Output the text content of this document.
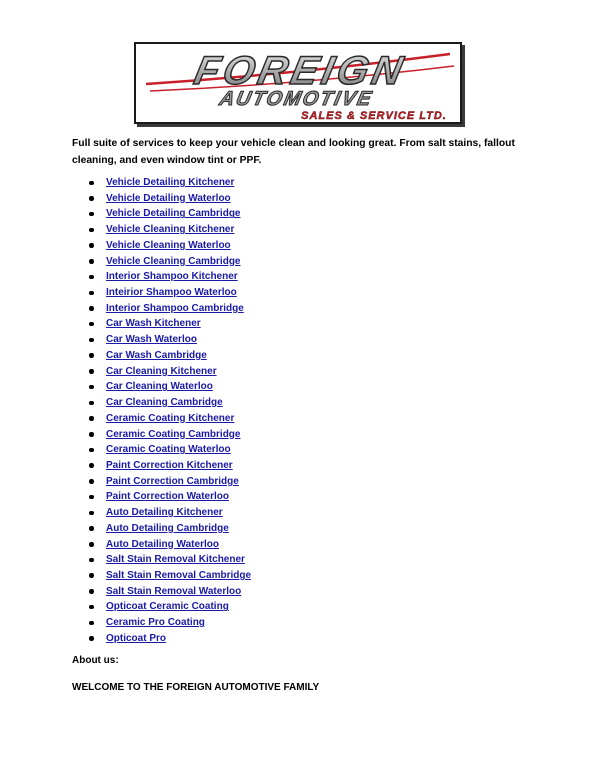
FOREIGN
AUTOMOTIVE
SALES & SERVICE LTD.

Full suite of services to keep your vehicle clean and looking great. From salt stains, fallout cleaning, and even window tint or PPF.

Vehicle Detailing Kitchener
Vehicle Detailing Waterloo
Vehicle Detailing Cambridge
Vehicle Cleaning Kitchener
Vehicle Cleaning Waterloo
Vehicle Cleaning Cambridge
Interior Shampoo Kitchener
Inteirior Shampoo Waterloo
Interior Shampoo Cambridge
Car Wash Kitchener
Car Wash Waterloo
Car Wash Cambridge
Car Cleaning Kitchener
Car Cleaning Waterloo
Car Cleaning Cambridge
Ceramic Coating Kitchener
Ceramic Coating Cambridge
Ceramic Coating Waterloo
Paint Correction Kitchener
Paint Correction Cambridge
Paint Correction Waterloo
Auto Detailing Kitchener
Auto Detailing Cambridge
Auto Detailing Waterloo
Salt Stain Removal Kitchener
Salt Stain Removal Cambridge
Salt Stain Removal Waterloo
Opticoat Ceramic Coating
Ceramic Pro Coating
Opticoat Pro

About us:

WELCOME TO THE FOREIGN AUTOMOTIVE FAMILY
